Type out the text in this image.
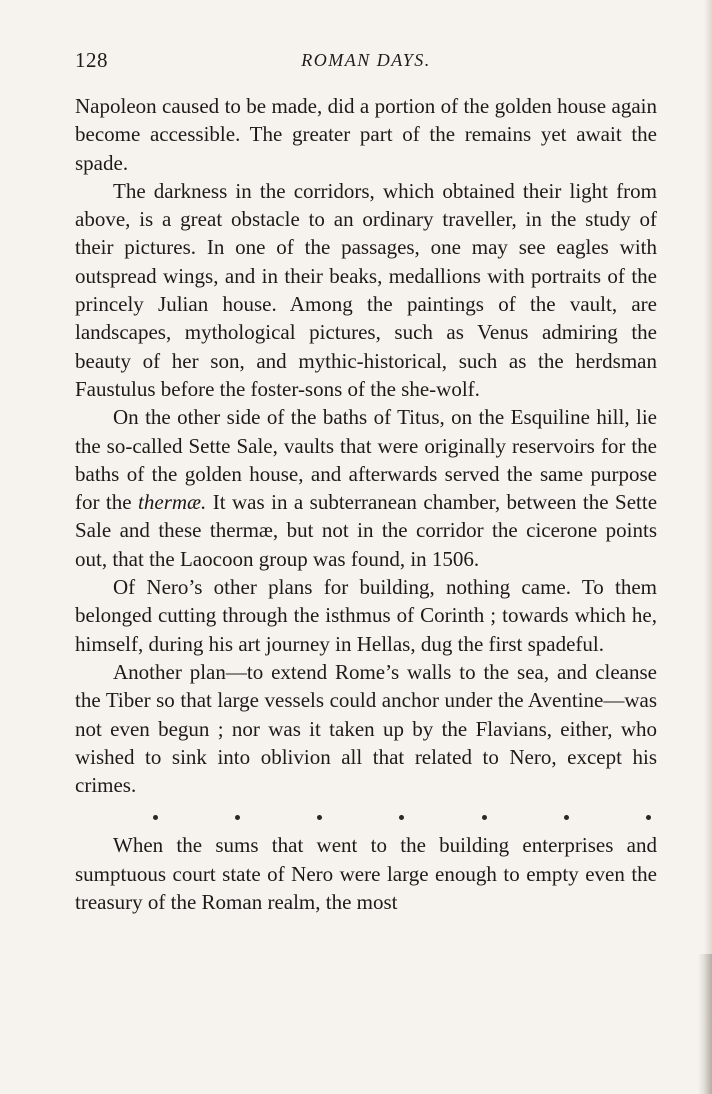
128	ROMAN DAYS.

Napoleon caused to be made, did a portion of the golden house again become accessible. The greater part of the remains yet await the spade.

The darkness in the corridors, which obtained their light from above, is a great obstacle to an ordinary traveller, in the study of their pictures. In one of the passages, one may see eagles with outspread wings, and in their beaks, medallions with portraits of the princely Julian house. Among the paintings of the vault, are landscapes, mythological pictures, such as Venus admiring the beauty of her son, and mythic-historical, such as the herdsman Faustulus before the foster-sons of the she-wolf.

On the other side of the baths of Titus, on the Esquiline hill, lie the so-called Sette Sale, vaults that were originally reservoirs for the baths of the golden house, and afterwards served the same purpose for the thermæ. It was in a subterranean chamber, between the Sette Sale and these thermæ, but not in the corridor the cicerone points out, that the Laocoon group was found, in 1506.

Of Nero’s other plans for building, nothing came. To them belonged cutting through the isthmus of Corinth ; towards which he, himself, during his art journey in Hellas, dug the first spadeful.

Another plan—to extend Rome’s walls to the sea, and cleanse the Tiber so that large vessels could anchor under the Aventine—was not even begun ; nor was it taken up by the Flavians, either, who wished to sink into oblivion all that related to Nero, except his crimes.

When the sums that went to the building enterprises and sumptuous court state of Nero were large enough to empty even the treasury of the Roman realm, the most
